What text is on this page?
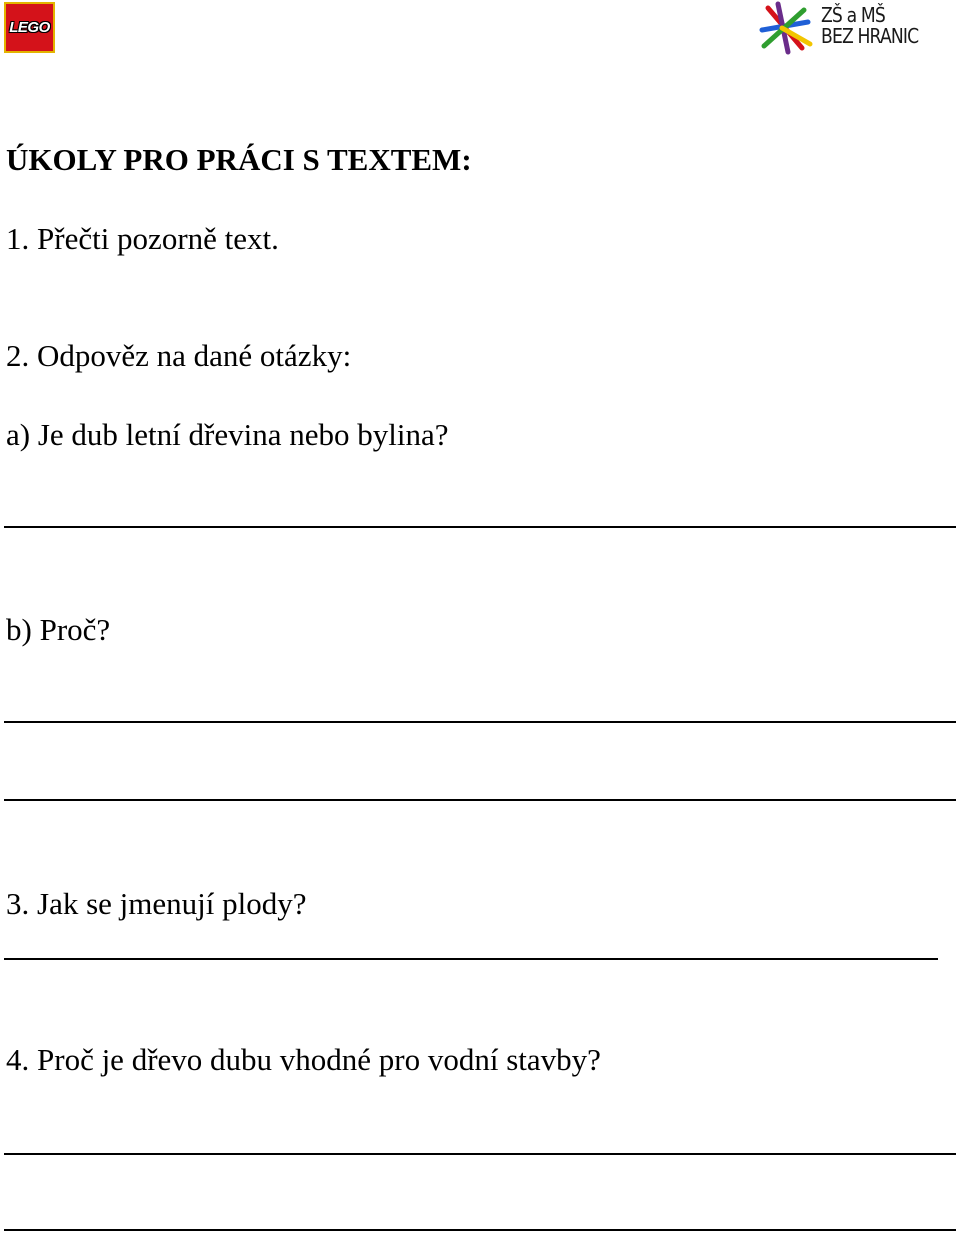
LEGO
ZŠ a MŠ
BEZ HRANIC
ÚKOLY PRO PRÁCI S TEXTEM:
1. Přečti pozorně text.
2. Odpověz na dané otázky:
a) Je dub letní dřevina nebo bylina?
b) Proč?
3. Jak se jmenují plody?
4. Proč je dřevo dubu vhodné pro vodní stavby?
